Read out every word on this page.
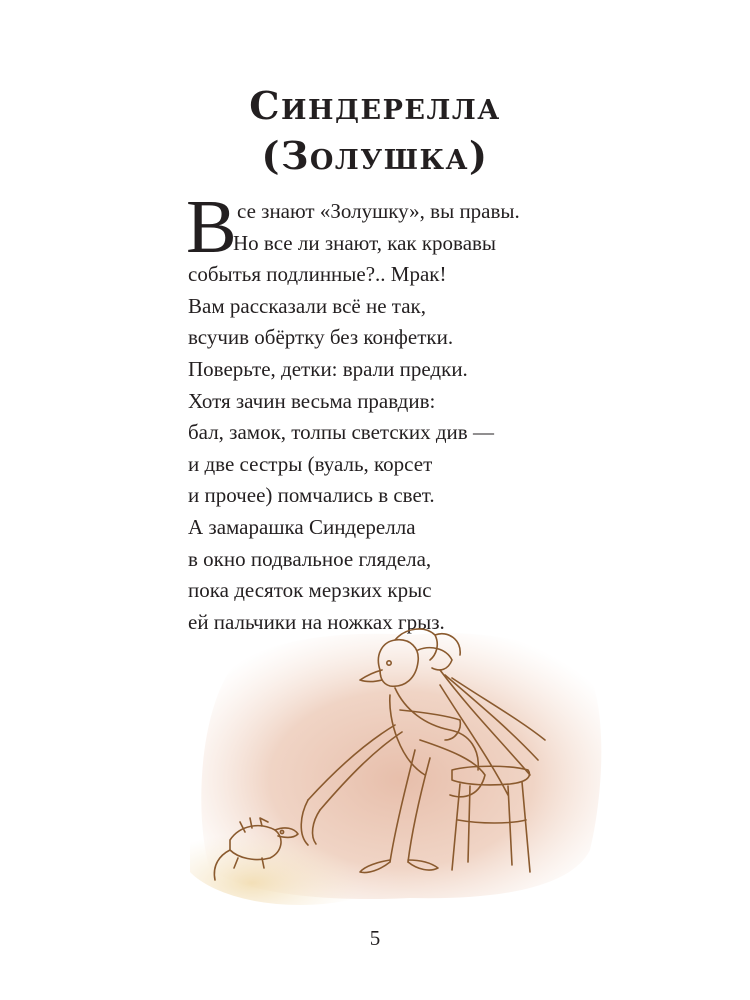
Синдерелла
(Золушка)
В се знают «Золушку», вы правы.
Но все ли знают, как кровавы
событья подлинные?.. Мрак!
Вам рассказали всё не так,
всучив обёртку без конфетки.
Поверьте, детки: врали предки.
Хотя зачин весьма правдив:
бал, замок, толпы светских див —
и две сестры (вуаль, корсет
и прочее) помчались в свет.
А замарашка Синдерелла
в окно подвальное глядела,
пока десяток мерзких крыс
ей пальчики на ножках грыз.
5
